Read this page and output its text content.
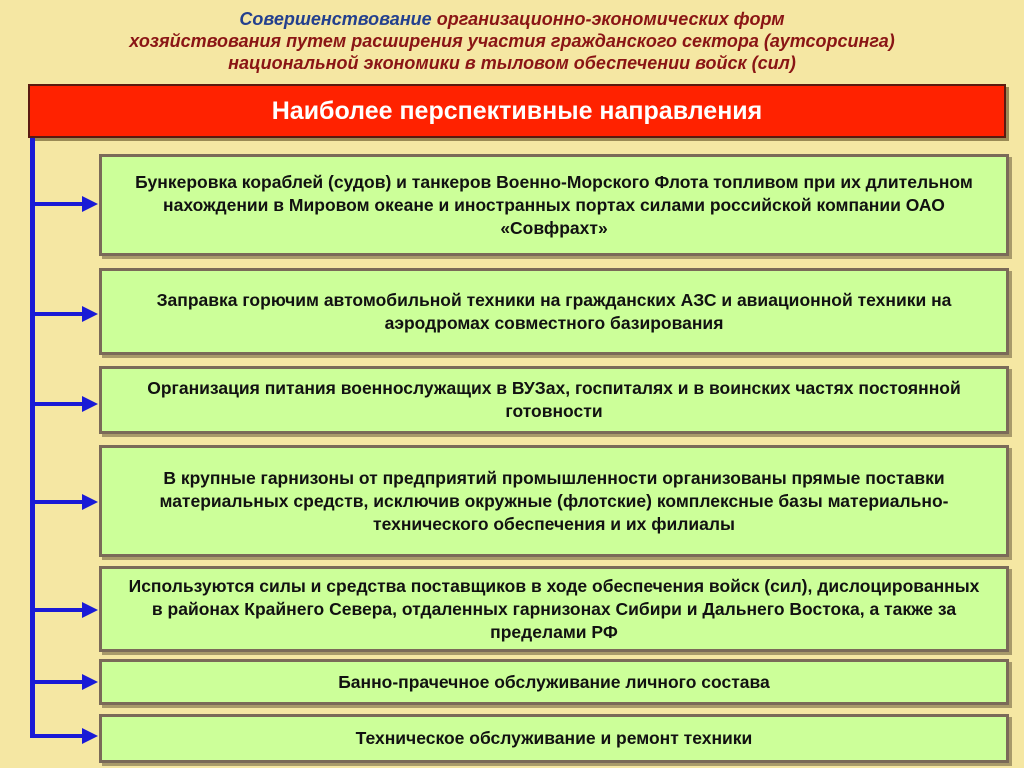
Совершенствование организационно-экономических форм
хозяйствования путем расширения участия гражданского сектора (аутсорсинга)
национальной экономики в тыловом обеспечении войск (сил)
Наиболее перспективные направления
Бункеровка кораблей (судов) и танкеров Военно-Морского Флота топливом при их длительном нахождении в Мировом океане и иностранных портах силами российской компании ОАО «Совфрахт»
Заправка горючим автомобильной техники на гражданских АЗС и авиационной техники на аэродромах совместного базирования
Организация питания военнослужащих в ВУЗах, госпиталях и в воинских частях постоянной готовности
В крупные гарнизоны от предприятий промышленности организованы прямые поставки материальных средств, исключив окружные (флотские) комплексные базы материально-технического обеспечения и их филиалы
Используются силы и средства поставщиков в ходе обеспечения войск (сил), дислоцированных в районах Крайнего Севера, отдаленных гарнизонах Сибири и Дальнего Востока, а также за пределами РФ
Банно-прачечное обслуживание личного состава
Техническое обслуживание и ремонт техники
